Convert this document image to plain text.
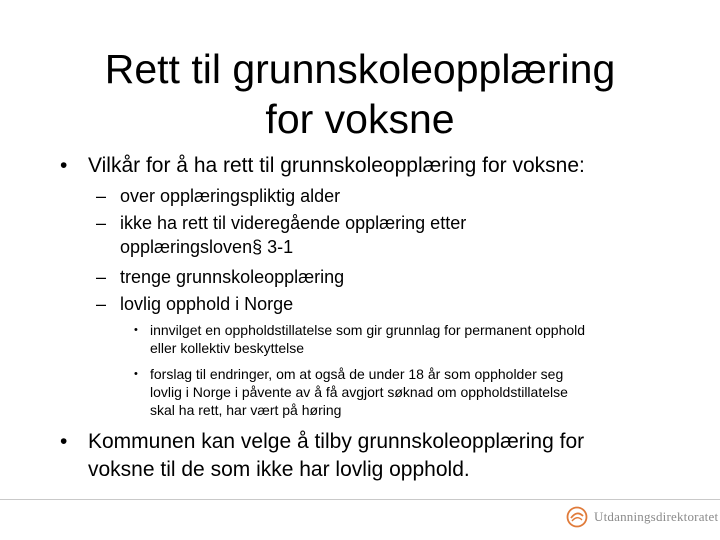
Rett til grunnskoleopplæring
for voksne
• Vilkår for å ha rett til grunnskoleopplæring for voksne:
– over opplæringspliktig alder
– ikke ha rett til videregående opplæring etter
opplæringsloven§ 3-1
– trenge grunnskoleopplæring
– lovlig opphold i Norge
• innvilget en oppholdstillatelse som gir grunnlag for permanent opphold
eller kollektiv beskyttelse
• forslag til endringer, om at også de under 18 år som oppholder seg
lovlig i Norge i påvente av å få avgjort søknad om oppholdstillatelse
skal ha rett, har vært på høring
• Kommunen kan velge å tilby grunnskoleopplæring for
voksne til de som ikke har lovlig opphold.
Utdanningsdirektoratet
